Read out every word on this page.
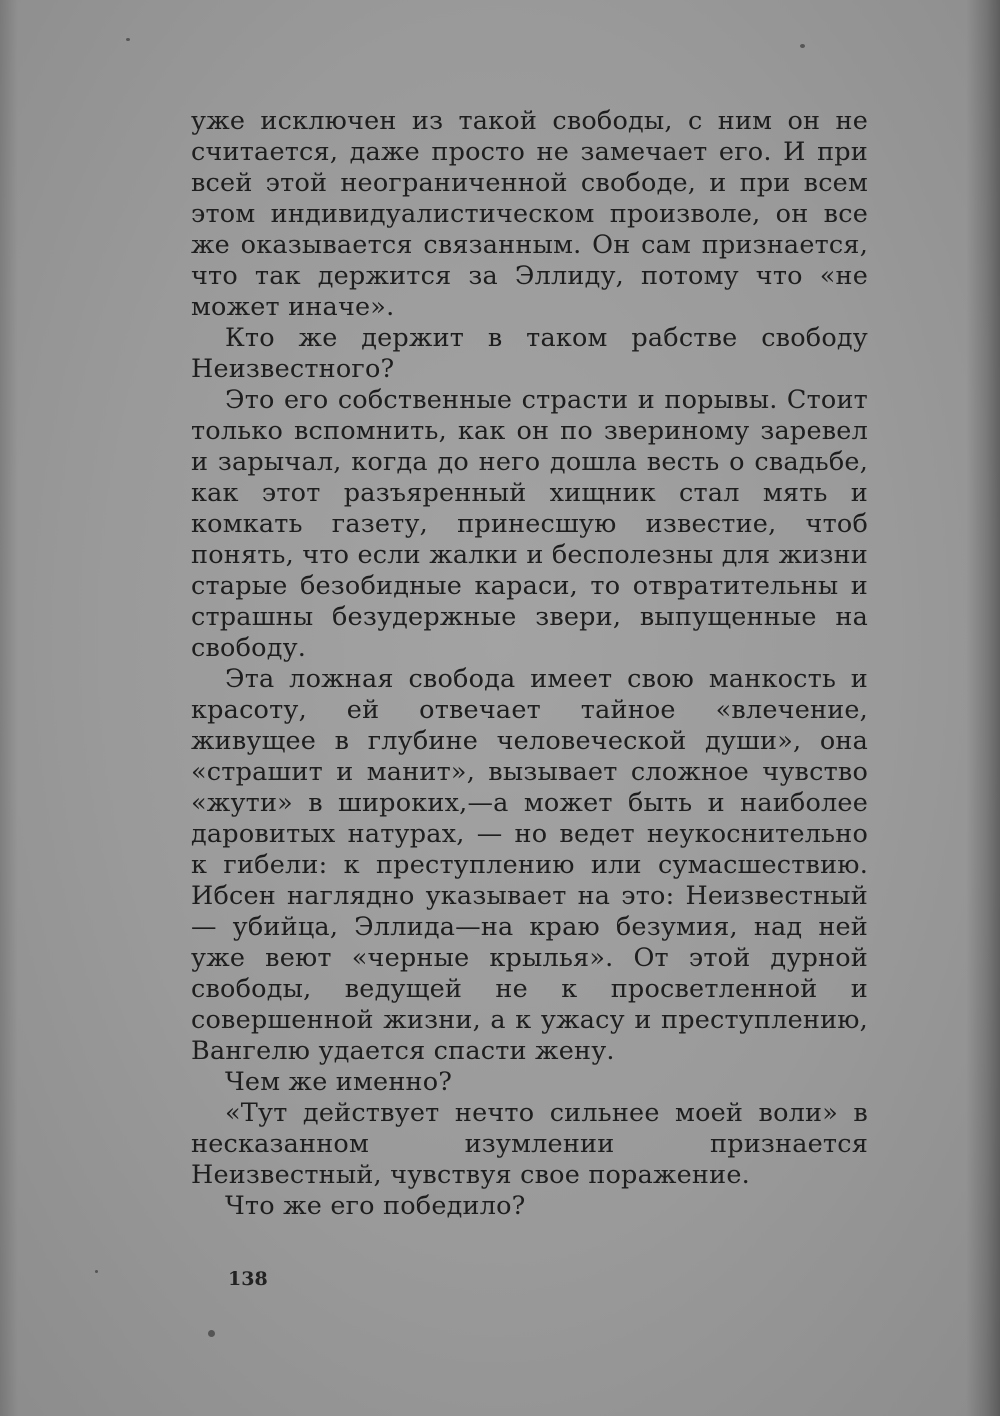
уже исключен из такой свободы, с ним он не считается, даже просто не замечает его. И при всей этой неограниченной свободе, и при всем этом индивидуалистическом произволе, он все же оказывается связанным. Он сам признается, что так держится за Эллиду, потому что «не может иначе».

Кто же держит в таком рабстве свободу Неизвестного?

Это его собственные страсти и порывы. Стоит только вспомнить, как он по звериному заревел и зарычал, когда до него дошла весть о свадьбе, как этот разъяренный хищник стал мять и комкать газету, принесшую известие, чтоб понять, что если жалки и бесполезны для жизни старые безобидные караси, то отвратительны и страшны безудержные звери, выпущенные на свободу.

Эта ложная свобода имеет свою манкость и красоту, ей отвечает тайное «влечение, живущее в глубине человеческой души», она «страшит и манит», вызывает сложное чувство «жути» в широких,—а может быть и наиболее даровитых натурах, — но ведет неукоснительно к гибели: к преступлению или сумасшествию. Ибсен наглядно указывает на это: Неизвестный— убийца, Эллида—на краю безумия, над ней уже веют «черные крылья». От этой дурной свободы, ведущей не к просветленной и совершенной жизни, а к ужасу и преступлению, Вангелю удается спасти жену.

Чем же именно?

«Тут действует нечто сильнее моей воли» в несказанном изумлении признается Неизвестный, чувствуя свое поражение.

Что же его победило?

138
